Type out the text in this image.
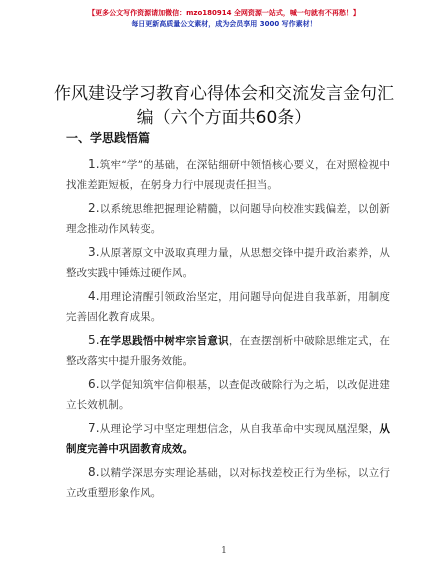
【更多公文写作资源请加微信：mzo180914 全网资源一站式，喊一句就有不再愁！】
每日更新高质量公文素材，成为会员享用 3000 写作素材！
作风建设学习教育心得体会和交流发言金句汇编（六个方面共60条）
一、学思践悟篇
1.筑牢“学”的基础，在深钻细研中领悟核心要义，在对照检视中找准差距短板，在躬身力行中展现责任担当。
2.以系统思维把握理论精髓，以问题导向校准实践偏差，以创新理念推动作风转变。
3.从原著原文中汲取真理力量，从思想交锋中提升政治素养，从整改实践中锤炼过硬作风。
4.用理论清醒引领政治坚定，用问题导向促进自我革新，用制度完善固化教育成果。
5.在学思践悟中树牢宗旨意识，在查摆剖析中破除思维定式，在整改落实中提升服务效能。
6.以学促知筑牢信仰根基，以查促改破除行为之垢，以改促进建立长效机制。
7.从理论学习中坚定理想信念，从自我革命中实现凤凰涅槃，从制度完善中巩固教育成效。
8.以精学深思夯实理论基础，以对标找差校正行为坐标，以立行立改重塑形象作风。
1
